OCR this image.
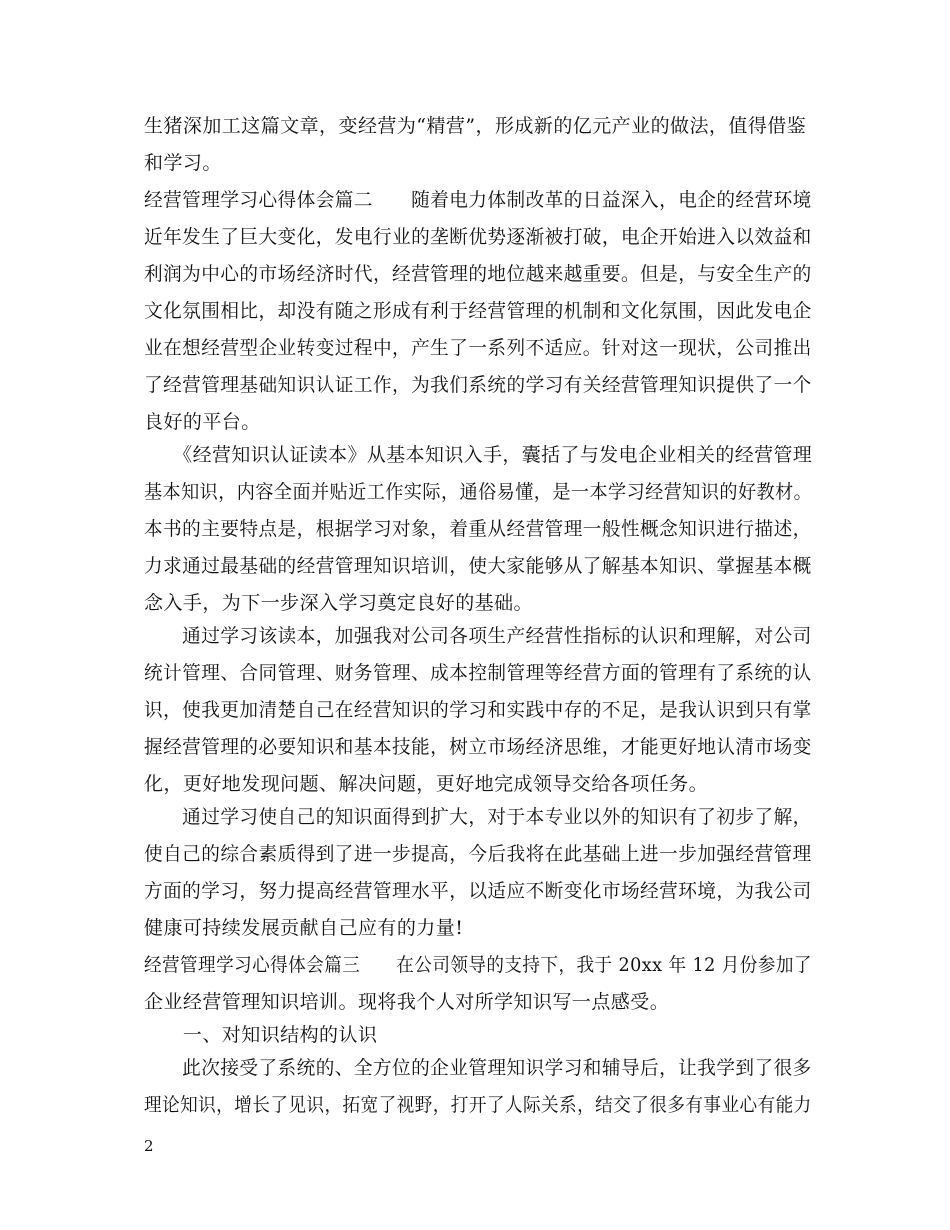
生猪深加工这篇文章，变经营为“精营”，形成新的亿元产业的做法，值得借鉴
和学习。
经营管理学习心得体会篇二　　随着电力体制改革的日益深入，电企的经营环境
近年发生了巨大变化，发电行业的垄断优势逐渐被打破，电企开始进入以效益和
利润为中心的市场经济时代，经营管理的地位越来越重要。但是，与安全生产的
文化氛围相比，却没有随之形成有利于经营管理的机制和文化氛围，因此发电企
业在想经营型企业转变过程中，产生了一系列不适应。针对这一现状，公司推出
了经营管理基础知识认证工作，为我们系统的学习有关经营管理知识提供了一个
良好的平台。
　　《经营知识认证读本》从基本知识入手，囊括了与发电企业相关的经营管理
基本知识，内容全面并贴近工作实际，通俗易懂，是一本学习经营知识的好教材。
本书的主要特点是，根据学习对象，着重从经营管理一般性概念知识进行描述，
力求通过最基础的经营管理知识培训，使大家能够从了解基本知识、掌握基本概
念入手，为下一步深入学习奠定良好的基础。
　　通过学习该读本，加强我对公司各项生产经营性指标的认识和理解，对公司
统计管理、合同管理、财务管理、成本控制管理等经营方面的管理有了系统的认
识，使我更加清楚自己在经营知识的学习和实践中存的不足，是我认识到只有掌
握经营管理的必要知识和基本技能，树立市场经济思维，才能更好地认清市场变
化，更好地发现问题、解决问题，更好地完成领导交给各项任务。
　　通过学习使自己的知识面得到扩大，对于本专业以外的知识有了初步了解，
使自己的综合素质得到了进一步提高，今后我将在此基础上进一步加强经营管理
方面的学习，努力提高经营管理水平，以适应不断变化市场经营环境，为我公司
健康可持续发展贡献自己应有的力量!
经营管理学习心得体会篇三　　在公司领导的支持下，我于 20xx 年 12 月份参加了
企业经营管理知识培训。现将我个人对所学知识写一点感受。
　　一、对知识结构的认识
　　此次接受了系统的、全方位的企业管理知识学习和辅导后，让我学到了很多
理论知识，增长了见识，拓宽了视野，打开了人际关系，结交了很多有事业心有能力
2
